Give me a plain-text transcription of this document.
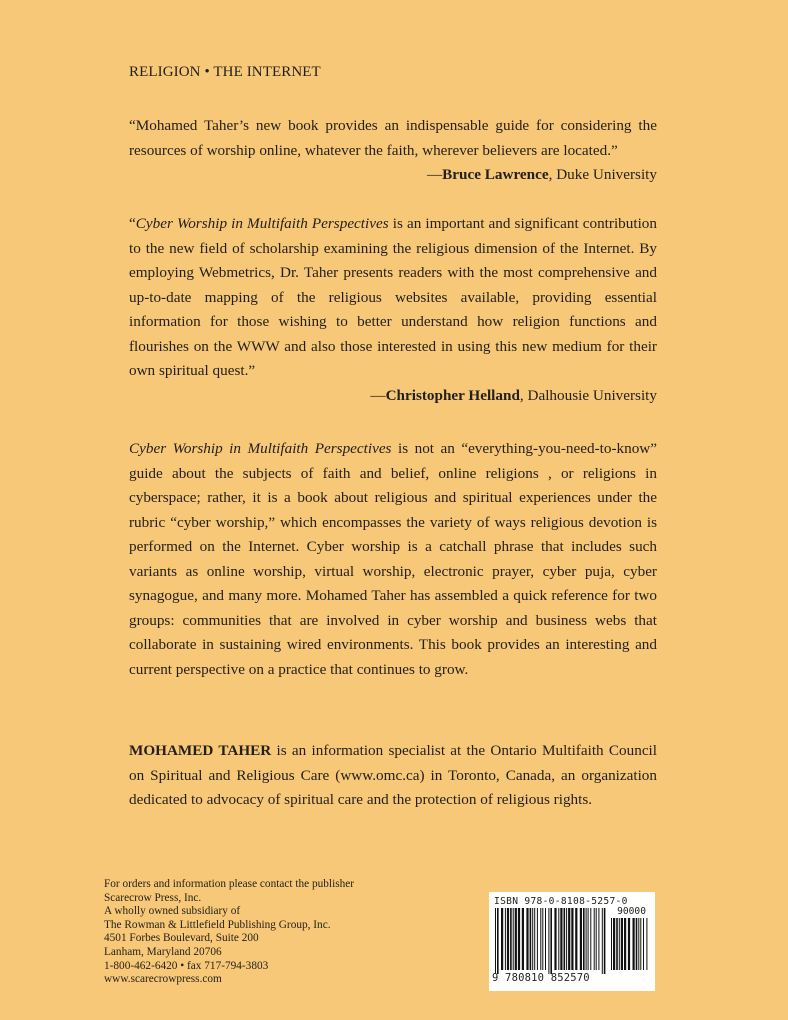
RELIGION • THE INTERNET

“Mohamed Taher’s new book provides an indispensable guide for considering the resources of worship online, whatever the faith, wherever believers are located.”

—Bruce Lawrence, Duke University

“Cyber Worship in Multifaith Perspectives is an important and significant contribution to the new field of scholarship examining the religious dimension of the Internet. By employing Webmetrics, Dr. Taher presents readers with the most comprehensive and up-to-date mapping of the religious websites available, providing essential information for those wishing to better understand how religion functions and flourishes on the WWW and also those interested in using this new medium for their own spiritual quest.”

—Christopher Helland, Dalhousie University

Cyber Worship in Multifaith Perspectives is not an “everything-you-need-to-know” guide about the subjects of faith and belief, online religions , or religions in cyberspace; rather, it is a book about religious and spiritual experiences under the rubric “cyber worship,” which encompasses the variety of ways religious devotion is performed on the Internet. Cyber worship is a catchall phrase that includes such variants as online worship, virtual worship, electronic prayer, cyber puja, cyber synagogue, and many more. Mohamed Taher has assembled a quick reference for two groups: communities that are involved in cyber worship and business webs that collaborate in sustaining wired environments. This book provides an interesting and current perspective on a practice that continues to grow.

MOHAMED TAHER is an information specialist at the Ontario Multifaith Council on Spiritual and Religious Care (www.omc.ca) in Toronto, Canada, an organization dedicated to advocacy of spiritual care and the protection of religious rights.

For orders and information please contact the publisher
Scarecrow Press, Inc.
A wholly owned subsidiary of
The Rowman & Littlefield Publishing Group, Inc.
4501 Forbes Boulevard, Suite 200
Lanham, Maryland 20706
1-800-462-6420 • fax 717-794-3803
www.scarecrowpress.com
ISBN 978-0-8108-5257-0
90000
9 780810 852570
